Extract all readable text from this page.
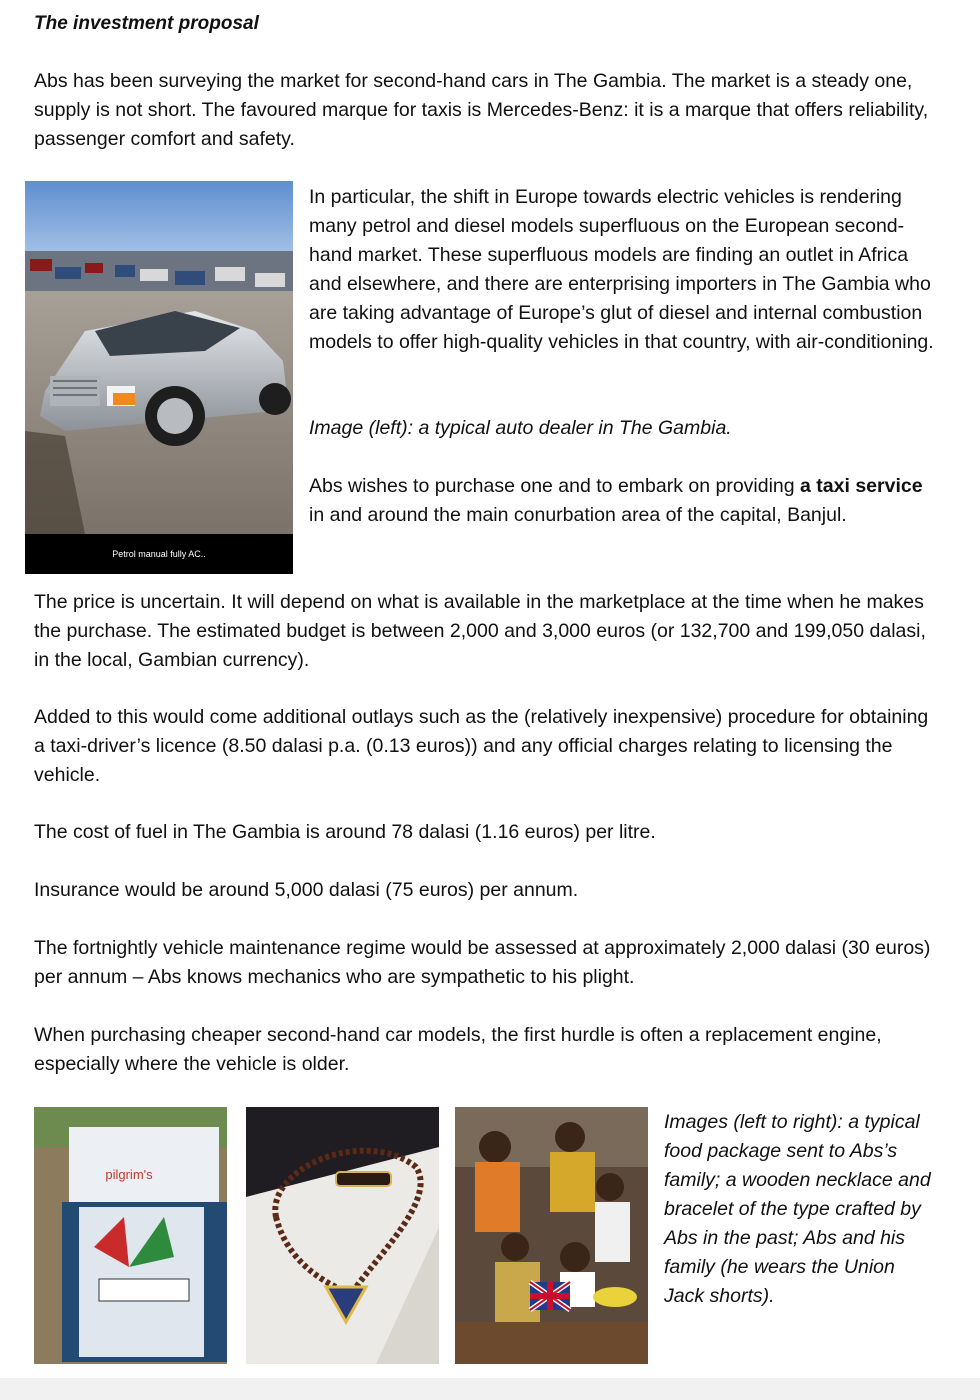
The investment proposal

Abs has been surveying the market for second-hand cars in The Gambia. The market is a steady one, supply is not short. The favoured marque for taxis is Mercedes-Benz: it is a marque that offers reliability, passenger comfort and safety.

Petrol manual fully AC..

In particular, the shift in Europe towards electric vehicles is rendering many petrol and diesel models superfluous on the European second-hand market. These superfluous models are finding an outlet in Africa and elsewhere, and there are enterprising importers in The Gambia who are taking advantage of Europe’s glut of diesel and internal combustion models to offer high-quality vehicles in that country, with air-conditioning.

Image (left): a typical auto dealer in The Gambia.

Abs wishes to purchase one and to embark on providing a taxi service in and around the main conurbation area of the capital, Banjul.

The price is uncertain. It will depend on what is available in the marketplace at the time when he makes the purchase. The estimated budget is between 2,000 and 3,000 euros (or 132,700 and 199,050 dalasi, in the local, Gambian currency).

Added to this would come additional outlays such as the (relatively inexpensive) procedure for obtaining a taxi-driver’s licence (8.50 dalasi p.a. (0.13 euros)) and any official charges relating to licensing the vehicle.

The cost of fuel in The Gambia is around 78 dalasi (1.16 euros) per litre.

Insurance would be around 5,000 dalasi (75 euros) per annum.

The fortnightly vehicle maintenance regime would be assessed at approximately 2,000 dalasi (30 euros) per annum – Abs knows mechanics who are sympathetic to his plight.

When purchasing cheaper second-hand car models, the first hurdle is often a replacement engine, especially where the vehicle is older.

pilgrim's

Images (left to right): a typical food package sent to Abs’s family; a wooden necklace and bracelet of the type crafted by Abs in the past; Abs and his family (he wears the Union Jack shorts).
